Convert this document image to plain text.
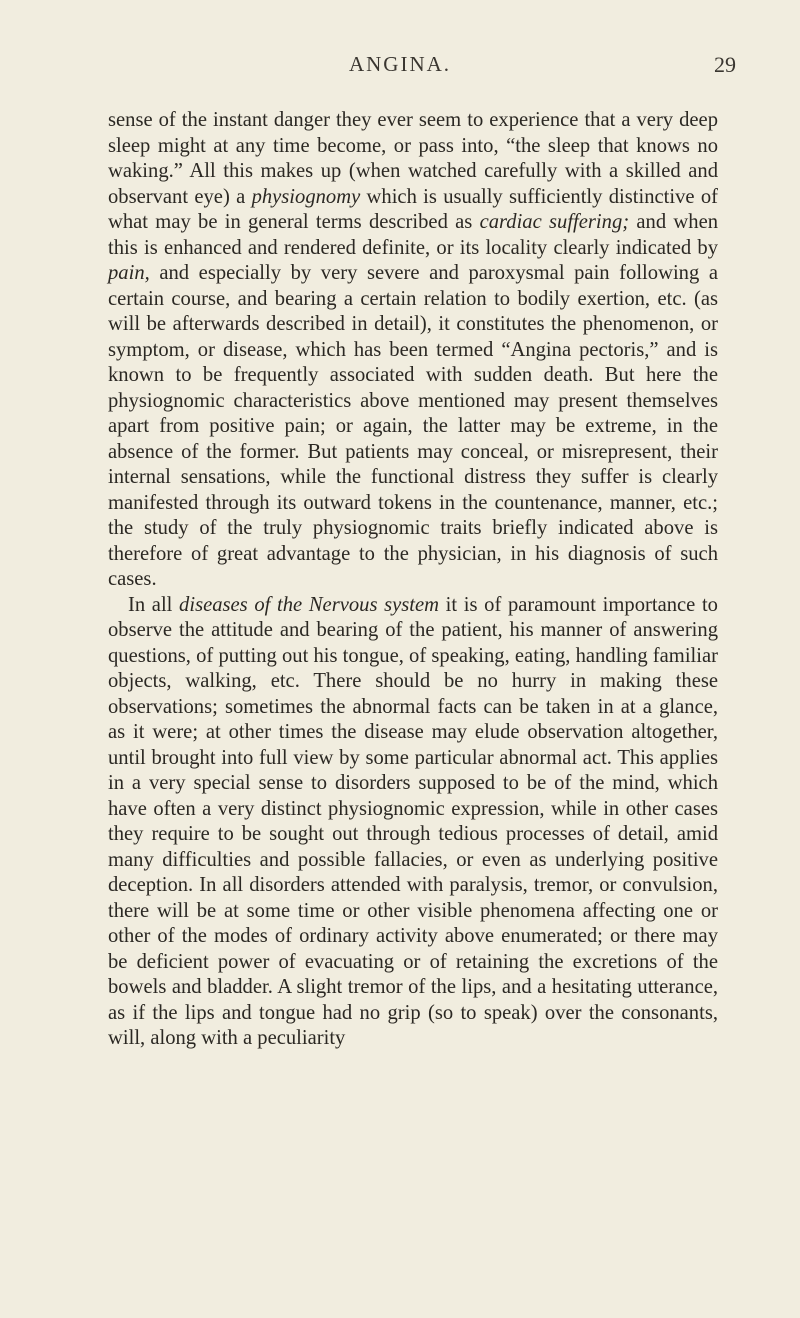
ANGINA.	29

sense of the instant danger they ever seem to experience that a very deep sleep might at any time become, or pass into, “the sleep that knows no waking.” All this makes up (when watched carefully with a skilled and observant eye) a physiognomy which is usually sufficiently distinctive of what may be in general terms described as cardiac suffering; and when this is enhanced and rendered definite, or its locality clearly indicated by pain, and especially by very severe and paroxysmal pain following a certain course, and bearing a certain relation to bodily exertion, etc. (as will be afterwards described in detail), it constitutes the phenomenon, or symptom, or disease, which has been termed “Angina pectoris,” and is known to be frequently associated with sudden death. But here the physiognomic characteristics above mentioned may present themselves apart from positive pain; or again, the latter may be extreme, in the absence of the former. But patients may conceal, or misrepresent, their internal sensations, while the functional distress they suffer is clearly manifested through its outward tokens in the countenance, manner, etc.; the study of the truly physiognomic traits briefly indicated above is therefore of great advantage to the physician, in his diagnosis of such cases.

In all diseases of the Nervous system it is of paramount importance to observe the attitude and bearing of the patient, his manner of answering questions, of putting out his tongue, of speaking, eating, handling familiar objects, walking, etc. There should be no hurry in making these observations; sometimes the abnormal facts can be taken in at a glance, as it were; at other times the disease may elude observation altogether, until brought into full view by some particular abnormal act. This applies in a very special sense to disorders supposed to be of the mind, which have often a very distinct physiognomic expression, while in other cases they require to be sought out through tedious processes of detail, amid many difficulties and possible fallacies, or even as underlying positive deception. In all disorders attended with paralysis, tremor, or convulsion, there will be at some time or other visible phenomena affecting one or other of the modes of ordinary activity above enumerated; or there may be deficient power of evacuating or of retaining the excretions of the bowels and bladder. A slight tremor of the lips, and a hesitating utterance, as if the lips and tongue had no grip (so to speak) over the consonants, will, along with a peculiarity
